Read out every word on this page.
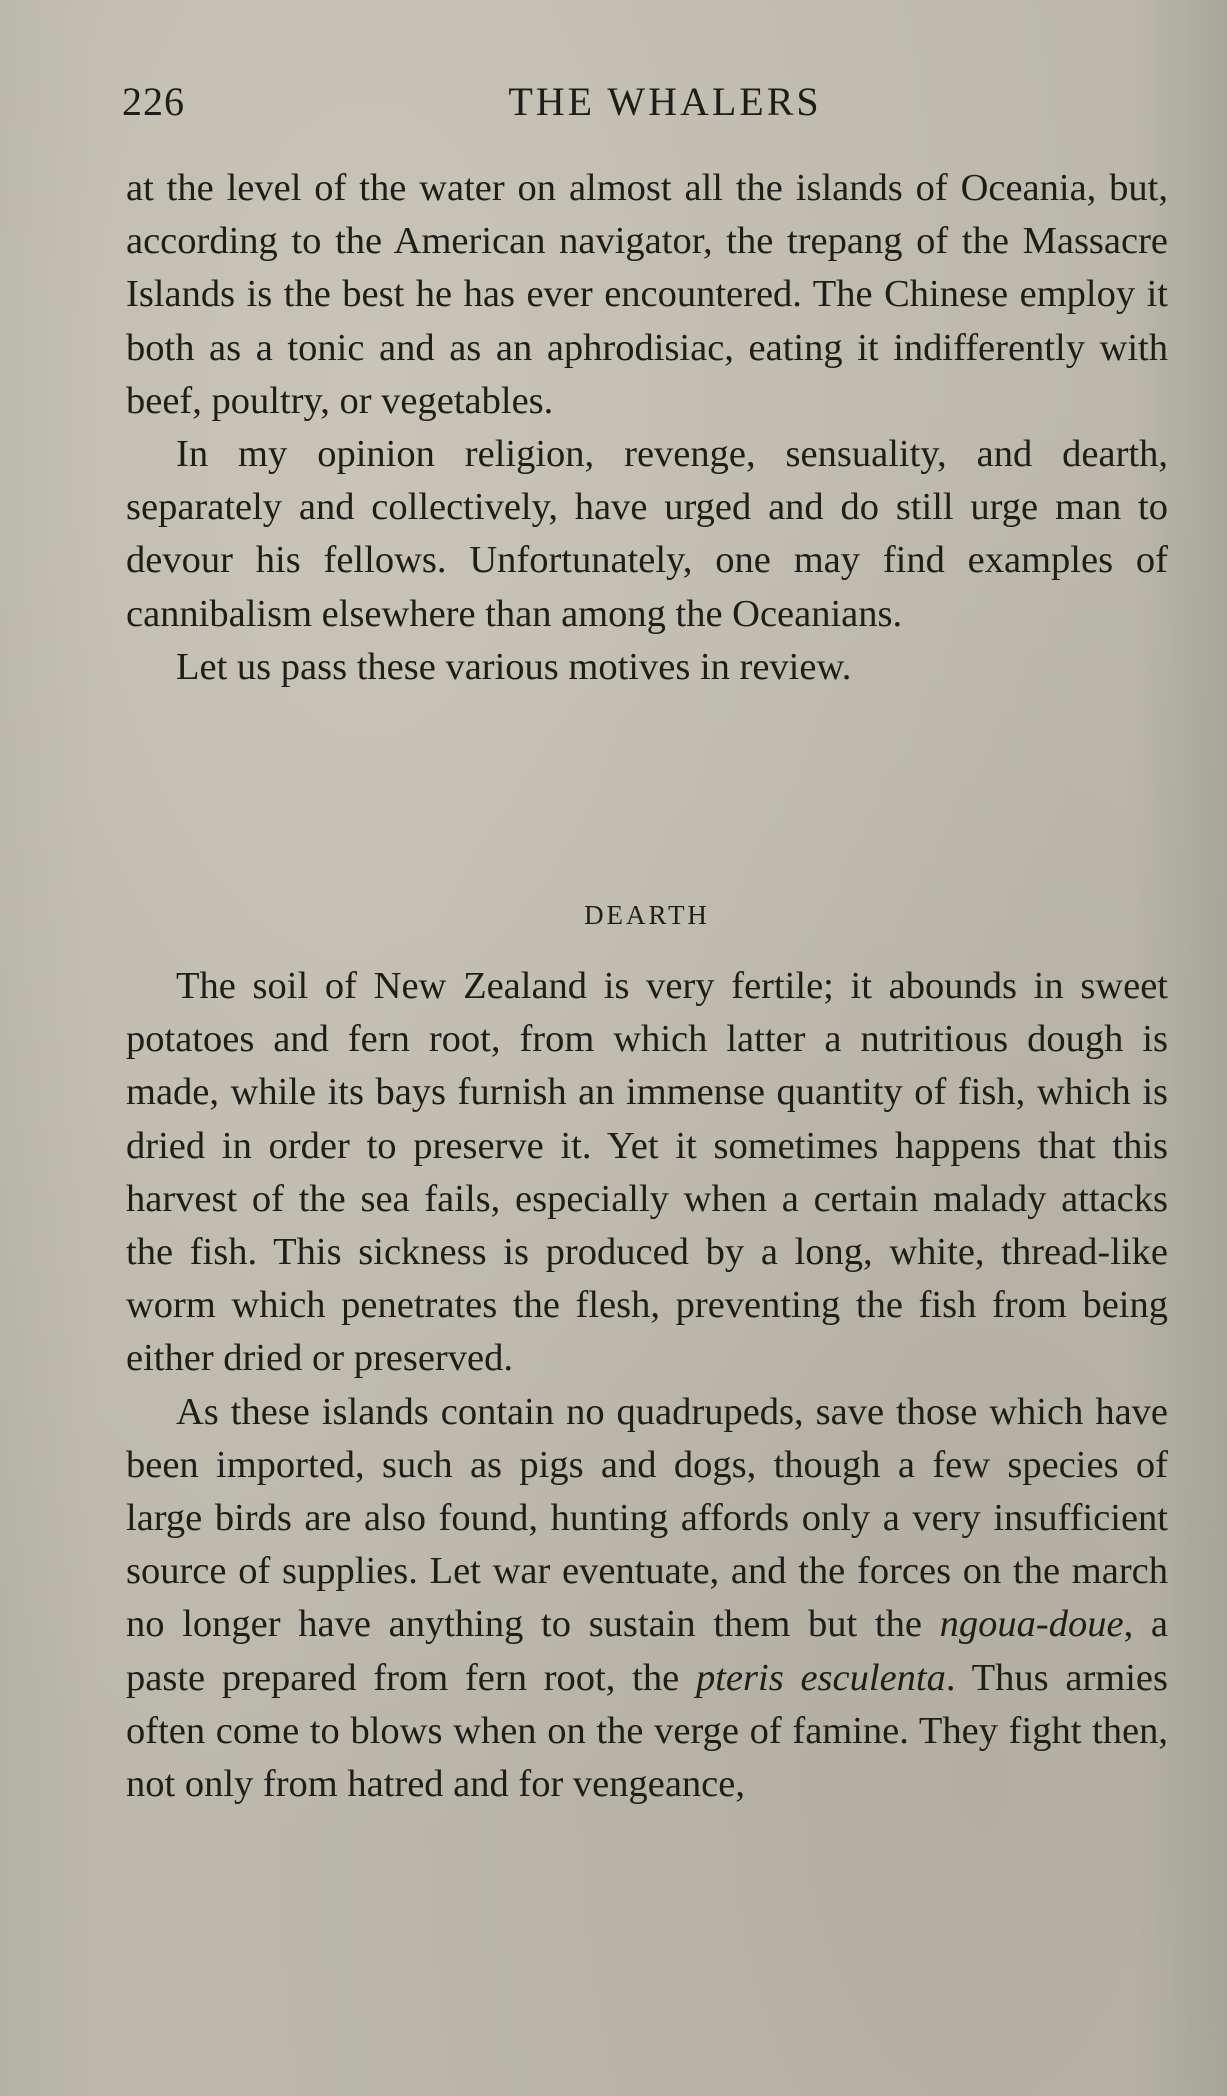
226	THE WHALERS

at the level of the water on almost all the islands of Oceania, but, according to the American navigator, the trepang of the Massacre Islands is the best he has ever encountered. The Chinese employ it both as a tonic and as an aphrodisiac, eating it indifferently with beef, poultry, or vegetables.

In my opinion religion, revenge, sensuality, and dearth, separately and collectively, have urged and do still urge man to devour his fellows. Unfortunately, one may find examples of cannibalism elsewhere than among the Oceanians.

Let us pass these various motives in review.

DEARTH

The soil of New Zealand is very fertile; it abounds in sweet potatoes and fern root, from which latter a nutritious dough is made, while its bays furnish an immense quantity of fish, which is dried in order to preserve it. Yet it sometimes happens that this harvest of the sea fails, especially when a certain malady attacks the fish. This sickness is produced by a long, white, thread-like worm which penetrates the flesh, preventing the fish from being either dried or preserved.

As these islands contain no quadrupeds, save those which have been imported, such as pigs and dogs, though a few species of large birds are also found, hunting affords only a very insufficient source of supplies. Let war eventuate, and the forces on the march no longer have anything to sustain them but the ngoua-doue, a paste prepared from fern root, the pteris esculenta. Thus armies often come to blows when on the verge of famine. They fight then, not only from hatred and for vengeance,
